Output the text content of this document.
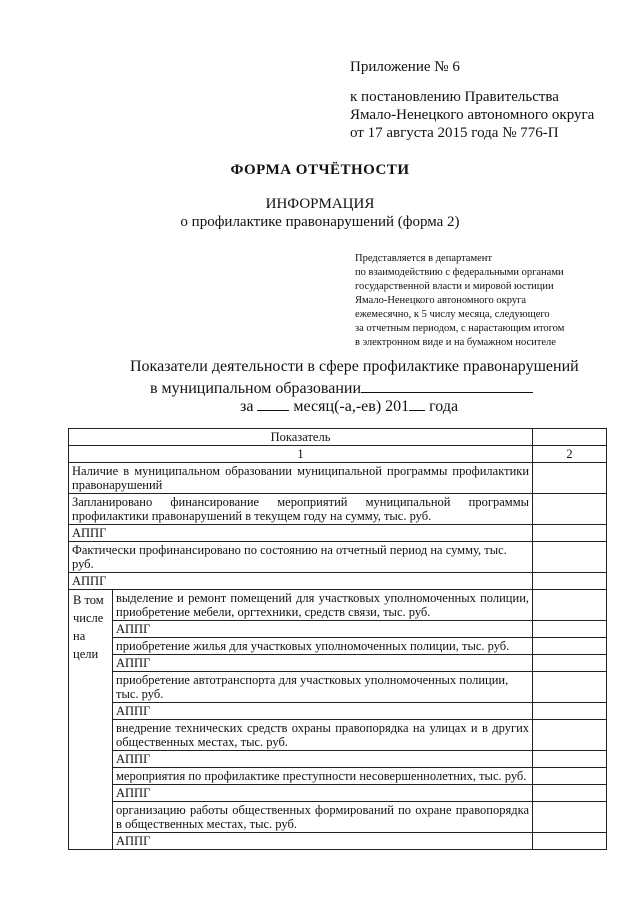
Приложение № 6
к постановлению Правительства
Ямало-Ненецкого автономного округа
от 17 августа 2015 года № 776-П
ФОРМА ОТЧЁТНОСТИ
ИНФОРМАЦИЯ
о профилактике правонарушений (форма 2)
Представляется в департамент
по взаимодействию с федеральными органами
государственной власти и мировой юстиции
Ямало-Ненецкого автономного округа
ежемесячно, к 5 числу месяца, следующего
за отчетным периодом, с нарастающим итогом
в электронном виде и на бумажном носителе
Показатели деятельности в сфере профилактике правонарушений
в муниципальном образовании
за	месяц(-а,-ев) 201 года
Показатель		
1		2
Наличие в муниципальном образовании муниципальной программы профилактики правонарушений		
Запланировано финансирование мероприятий муниципальной программы профилактики правонарушений в текущем году на сумму, тыс. руб.		
АППГ		
Фактически профинансировано по состоянию на отчетный период на сумму, тыс. руб.		
АППГ		
В том числе на цели	выделение и ремонт помещений для участковых уполномоченных полиции, приобретение мебели, оргтехники, средств связи, тыс. руб.	
	АППГ	
	приобретение жилья для участковых уполномоченных полиции, тыс. руб.	
	АППГ	
	приобретение автотранспорта для участковых уполномоченных полиции, тыс. руб.	
	АППГ	
	внедрение технических средств охраны правопорядка на улицах и в других общественных местах, тыс. руб.	
	АППГ	
	мероприятия по профилактике преступности несовершеннолетних, тыс. руб.	
	АППГ	
	организацию работы общественных формирований по охране правопорядка в общественных местах, тыс. руб.	
	АППГ	
